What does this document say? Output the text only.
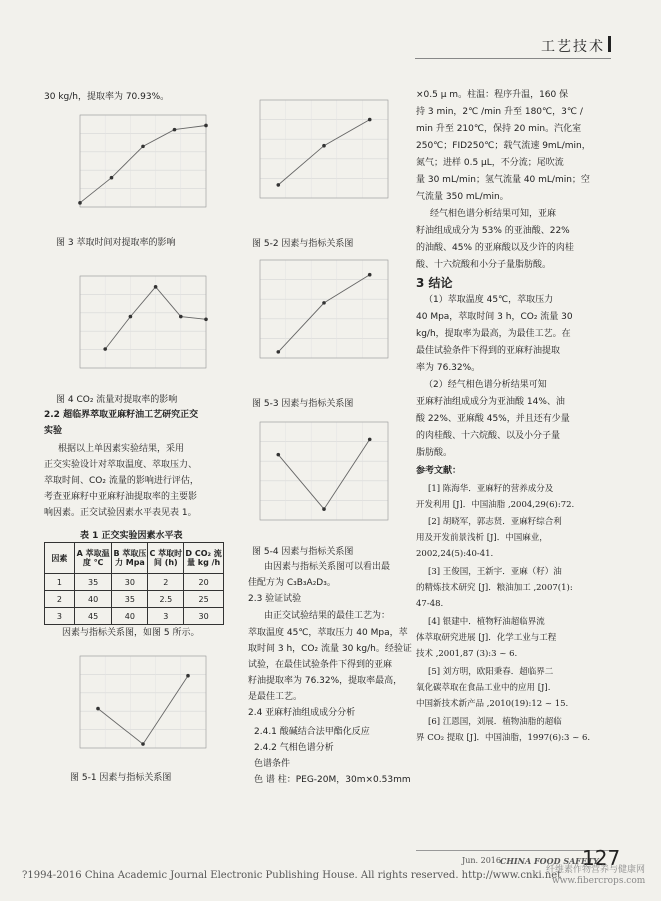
工艺技术
30 kg/h，提取率为 70.93%。
图 3 萃取时间对提取率的影响
图 4 CO₂ 流量对提取率的影响
2.2 超临界萃取亚麻籽油工艺研究正交
实验
根据以上单因素实验结果，采用
正交实验设计对萃取温度、萃取压力、
萃取时间、CO₂ 流量的影响进行评估，
考查亚麻籽中亚麻籽油提取率的主要影
响因素。正交试验因素水平表见表 1。
表 1 正交实验因素水平表
因素	A 萃取温度 ℃	B 萃取压力 Mpa	C 萃取时间 (h)	D CO₂ 流量 kg /h
1	35	30	2	20
2	40	35	2.5	25
3	45	40	3	30
因素与指标关系图，如图 5 所示。
图 5-1 因素与指标关系图
图 5-2 因素与指标关系图
图 5-3 因素与指标关系图
图 5-4 因素与指标关系图
由因素与指标关系图可以看出最
佳配方为 C₃B₃A₂D₃。
2.3 验证试验
由正交试验结果的最佳工艺为：
萃取温度 45℃，萃取压力 40 Mpa，萃
取时间 3 h，CO₂ 流量 30 kg/h。经验证
试验，在最佳试验条件下得到的亚麻
籽油提取率为 76.32%，提取率最高，
是最佳工艺。
2.4 亚麻籽油组成成分分析
2.4.1 酸碱结合法甲酯化反应
2.4.2 气相色谱分析
色谱条件
色 谱 柱：PEG-20M，30m×0.53mm
×0.5 μ m。柱温：程序升温，160 保
持 3 min，2℃ /min 升至 180℃，3℃ /
min 升至 210℃，保持 20 min。汽化室
250℃；FID250℃；载气流速 9mL/min，
氮气；进样 0.5 μL，不分流；尾吹流
量 30 mL/min；氢气流量 40 mL/min；空
气流量 350 mL/min。
经气相色谱分析结果可知，亚麻
籽油组成成分为 53% 的亚油酸、22%
的油酸、45% 的亚麻酸以及少许的肉桂
酸、十六烷酸和小分子量脂肪酸。
3 结论
（1）萃取温度 45℃，萃取压力
40 Mpa，萃取时间 3 h，CO₂ 流量 30
kg/h，提取率为最高，为最佳工艺。在
最佳试验条件下得到的亚麻籽油提取
率为 76.32%。
（2）经气相色谱分析结果可知
亚麻籽油组成成分为亚油酸 14%、油
酸 22%、亚麻酸 45%，并且还有少量
的肉桂酸、十六烷酸、以及小分子量
脂肪酸。
参考文献：
[1] 陈海华．亚麻籽的营养成分及
开发利用 [J]．中国油脂 ,2004,29(6):72.
[2] 胡晓军，郭志贤．亚麻籽综合利
用及开发前景浅析 [J]．中国麻业，
2002,24(5):40-41.
[3] 王俊国，王新宇．亚麻（籽）油
的精炼技术研究 [J]．粮油加工 ,2007(1):
47-48.
[4] 银建中．植物籽油超临界流
体萃取研究进展 [J]．化学工业与工程
技术 ,2001,87 (3):3 ~ 6.
[5] 刘方明，欧阳秉春．超临界二
氧化碳萃取在食品工业中的应用 [J].
中国新技术新产品 ,2010(19):12 ~ 15.
[6] 江恩国，刘展．植物油脂的超临
界 CO₂ 提取 [J]．中国油脂，1997(6):3 ~ 6.
Jun. 2016 CHINA FOOD SAFETY
127
?1994-2016 China Academic Journal Electronic Publishing House. All rights reserved. http://www.cnki.net
纤维素作物营养与健康网
www.fibercrops.com
